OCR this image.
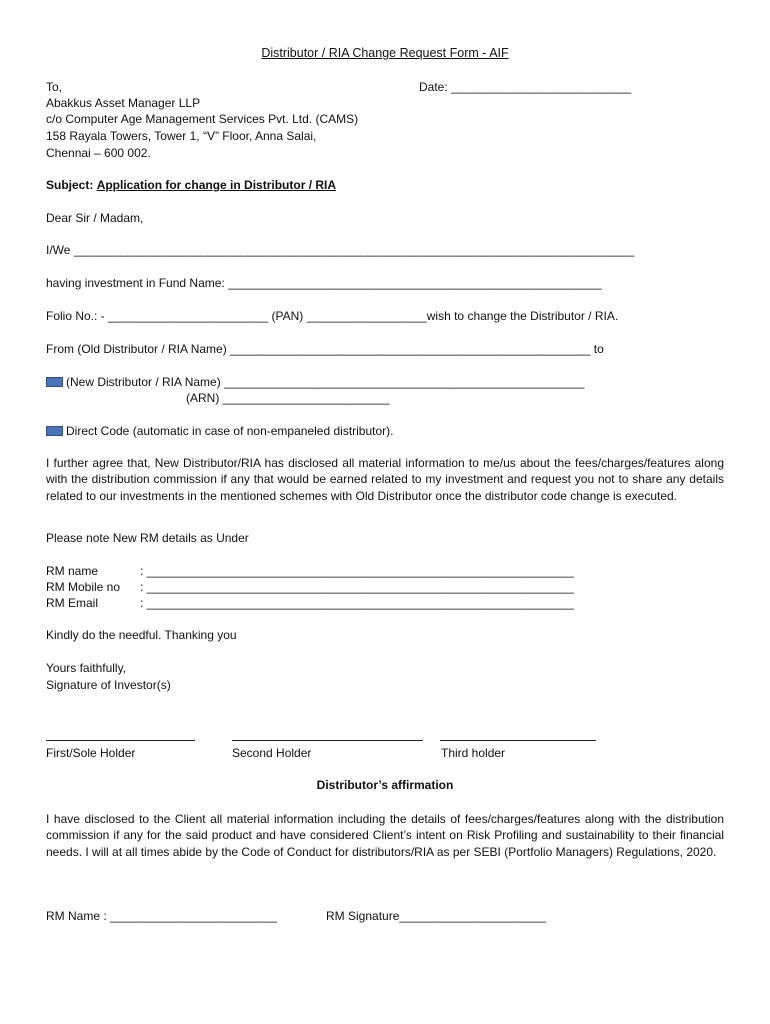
Distributor / RIA Change Request Form - AIF
To,	Date: ___________________________
Abakkus Asset Manager LLP
c/o Computer Age Management Services Pvt. Ltd. (CAMS)
158 Rayala Towers, Tower 1, “V” Floor, Anna Salai,
Chennai – 600 002.
Subject: Application for change in Distributor / RIA
Dear Sir / Madam,
I/We ____________________________________________________________________________________
having investment in Fund Name: ________________________________________________________
Folio No.: - ________________________ (PAN) __________________wish to change the Distributor / RIA.
From (Old Distributor / RIA Name) ______________________________________________________ to
(New Distributor / RIA Name) ______________________________________________________
(ARN) _________________________
Direct Code (automatic in case of non-empaneled distributor).
I further agree that, New Distributor/RIA has disclosed all material information to me/us about the fees/charges/features along with the distribution commission if any that would be earned related to my investment and request you not to share any details related to our investments in the mentioned schemes with Old Distributor once the distributor code change is executed.
Please note New RM details as Under
RM name	: ________________________________________________________________
RM Mobile no : ________________________________________________________________
RM Email	: ________________________________________________________________
Kindly do the needful. Thanking you
Yours faithfully,
Signature of Investor(s)
First/Sole Holder	Second Holder	Third holder
Distributor’s affirmation
I have disclosed to the Client all material information including the details of fees/charges/features along with the distribution commission if any for the said product and have considered Client’s intent on Risk Profiling and sustainability to their financial needs. I will at all times abide by the Code of Conduct for distributors/RIA as per SEBI (Portfolio Managers) Regulations, 2020.
RM Name : _________________________	RM Signature______________________
